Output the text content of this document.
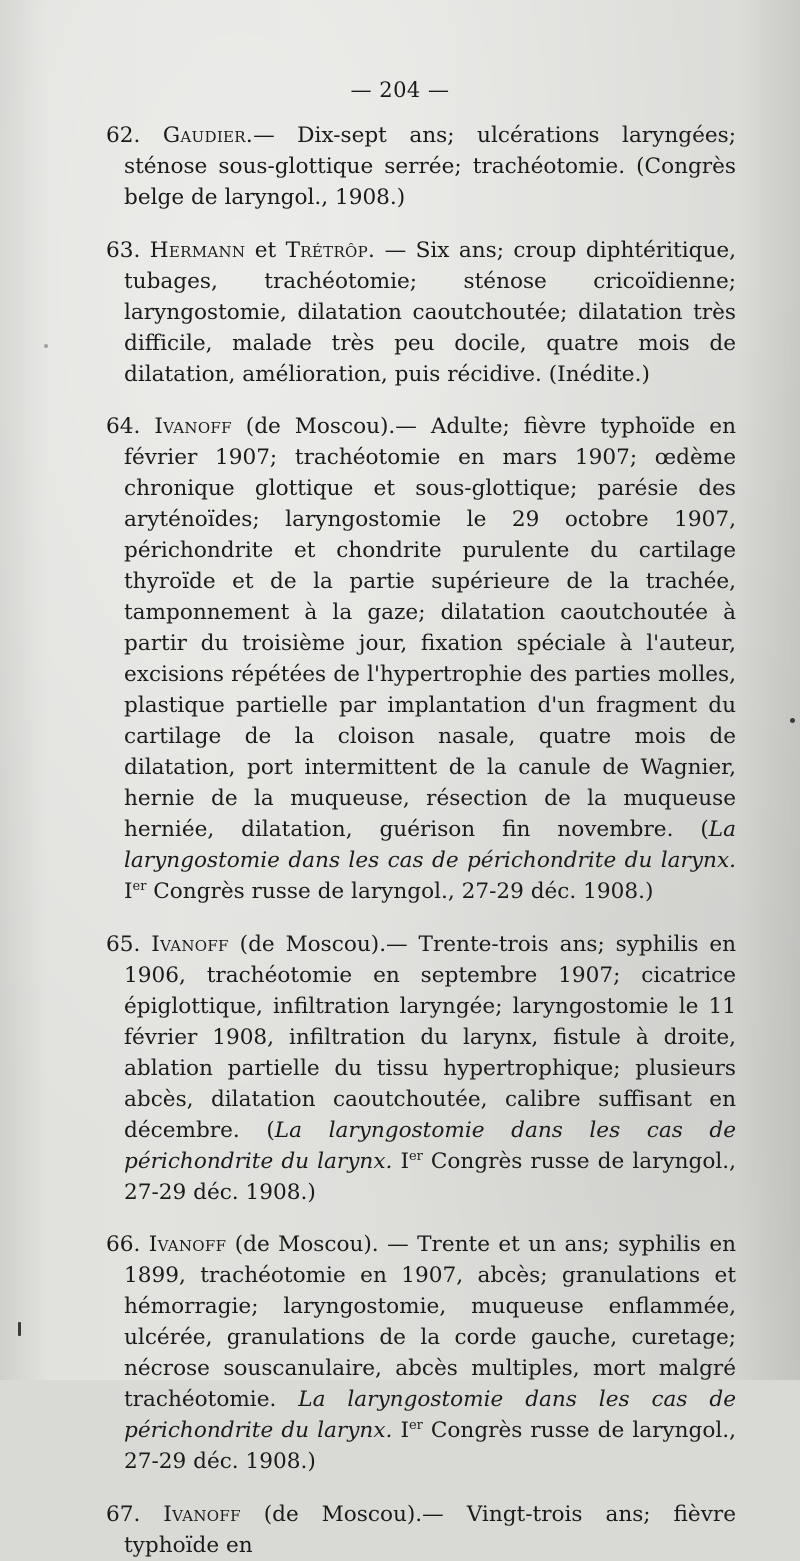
— 204 —

62. Gaudier.— Dix-sept ans; ulcérations laryngées; sténose sous-glottique serrée; trachéotomie. (Congrès belge de laryngol., 1908.)

63. Hermann et Trétrôp. — Six ans; croup diphtéritique, tubages, trachéotomie; sténose cricoïdienne; laryngostomie, dilatation caoutchoutée; dilatation très difficile, malade très peu docile, quatre mois de dilatation, amélioration, puis récidive. (Inédite.)

64. Ivanoff (de Moscou).— Adulte; fièvre typhoïde en février 1907; trachéotomie en mars 1907; œdème chronique glottique et sous-glottique; parésie des aryténoïdes; laryngostomie le 29 octobre 1907, périchondrite et chondrite purulente du cartilage thyroïde et de la partie supérieure de la trachée, tamponnement à la gaze; dilatation caoutchoutée à partir du troisième jour, fixation spéciale à l'auteur, excisions répétées de l'hypertrophie des parties molles, plastique partielle par implantation d'un fragment du cartilage de la cloison nasale, quatre mois de dilatation, port intermittent de la canule de Wagnier, hernie de la muqueuse, résection de la muqueuse herniée, dilatation, guérison fin novembre. (La laryngostomie dans les cas de périchondrite du larynx. Ier Congrès russe de laryngol., 27-29 déc. 1908.)

65. Ivanoff (de Moscou).— Trente-trois ans; syphilis en 1906, trachéotomie en septembre 1907; cicatrice épiglottique, infiltration laryngée; laryngostomie le 11 février 1908, infiltration du larynx, fistule à droite, ablation partielle du tissu hypertrophique; plusieurs abcès, dilatation caoutchoutée, calibre suffisant en décembre. (La laryngostomie dans les cas de périchondrite du larynx. Ier Congrès russe de laryngol., 27-29 déc. 1908.)

66. Ivanoff (de Moscou). — Trente et un ans; syphilis en 1899, trachéotomie en 1907, abcès; granulations et hémorragie; laryngostomie, muqueuse enflammée, ulcérée, granulations de la corde gauche, curetage; nécrose souscanulaire, abcès multiples, mort malgré trachéotomie. La laryngostomie dans les cas de périchondrite du larynx. Ier Congrès russe de laryngol., 27-29 déc. 1908.)

67. Ivanoff (de Moscou).— Vingt-trois ans; fièvre typhoïde en
